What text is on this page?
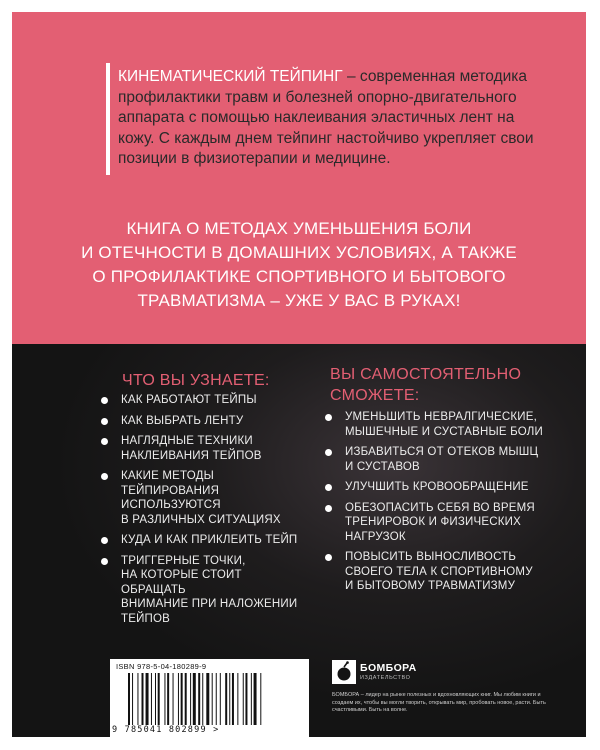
КИНЕМАТИЧЕСКИЙ ТЕЙПИНГ – современная методика профилактики травм и болезней опорно-двигательного аппарата с помощью наклеивания эластичных лент на кожу. С каждым днем тейпинг настойчиво укрепляет свои позиции в физиотерапии и медицине.

КНИГА О МЕТОДАХ УМЕНЬШЕНИЯ БОЛИ
И ОТЕЧНОСТИ В ДОМАШНИХ УСЛОВИЯХ, А ТАКЖЕ
О ПРОФИЛАКТИКЕ СПОРТИВНОГО И БЫТОВОГО
ТРАВМАТИЗМА – УЖЕ У ВАС В РУКАХ!

ЧТО ВЫ УЗНАЕТЕ:

КАК РАБОТАЮТ ТЕЙПЫ
КАК ВЫБРАТЬ ЛЕНТУ
НАГЛЯДНЫЕ ТЕХНИКИ
НАКЛЕИВАНИЯ ТЕЙПОВ
КАКИЕ МЕТОДЫ
ТЕЙПИРОВАНИЯ
ИСПОЛЬЗУЮТСЯ
В РАЗЛИЧНЫХ СИТУАЦИЯХ
КУДА И КАК ПРИКЛЕИТЬ ТЕЙП
ТРИГГЕРНЫЕ ТОЧКИ,
НА КОТОРЫЕ СТОИТ ОБРАЩАТЬ
ВНИМАНИЕ ПРИ НАЛОЖЕНИИ
ТЕЙПОВ

ВЫ САМОСТОЯТЕЛЬНО
СМОЖЕТЕ:

УМЕНЬШИТЬ НЕВРАЛГИЧЕСКИЕ,
МЫШЕЧНЫЕ И СУСТАВНЫЕ БОЛИ
ИЗБАВИТЬСЯ ОТ ОТЕКОВ МЫШЦ
И СУСТАВОВ
УЛУЧШИТЬ КРОВООБРАЩЕНИЕ
ОБЕЗОПАСИТЬ СЕБЯ ВО ВРЕМЯ
ТРЕНИРОВОК И ФИЗИЧЕСКИХ
НАГРУЗОК
ПОВЫСИТЬ ВЫНОСЛИВОСТЬ
СВОЕГО ТЕЛА К СПОРТИВНОМУ
И БЫТОВОМУ ТРАВМАТИЗМУ
ISBN 978-5-04-180289-9
9 785041 802899 >
БОМБОРА
ИЗДАТЕЛЬСТВО

БОМБОРА – лидер на рынке полезных и вдохновляющих книг. Мы любим книги и создаем их, чтобы вы могли творить, открывать мир, пробовать новое, расти. Быть счастливыми. Быть на волне.
